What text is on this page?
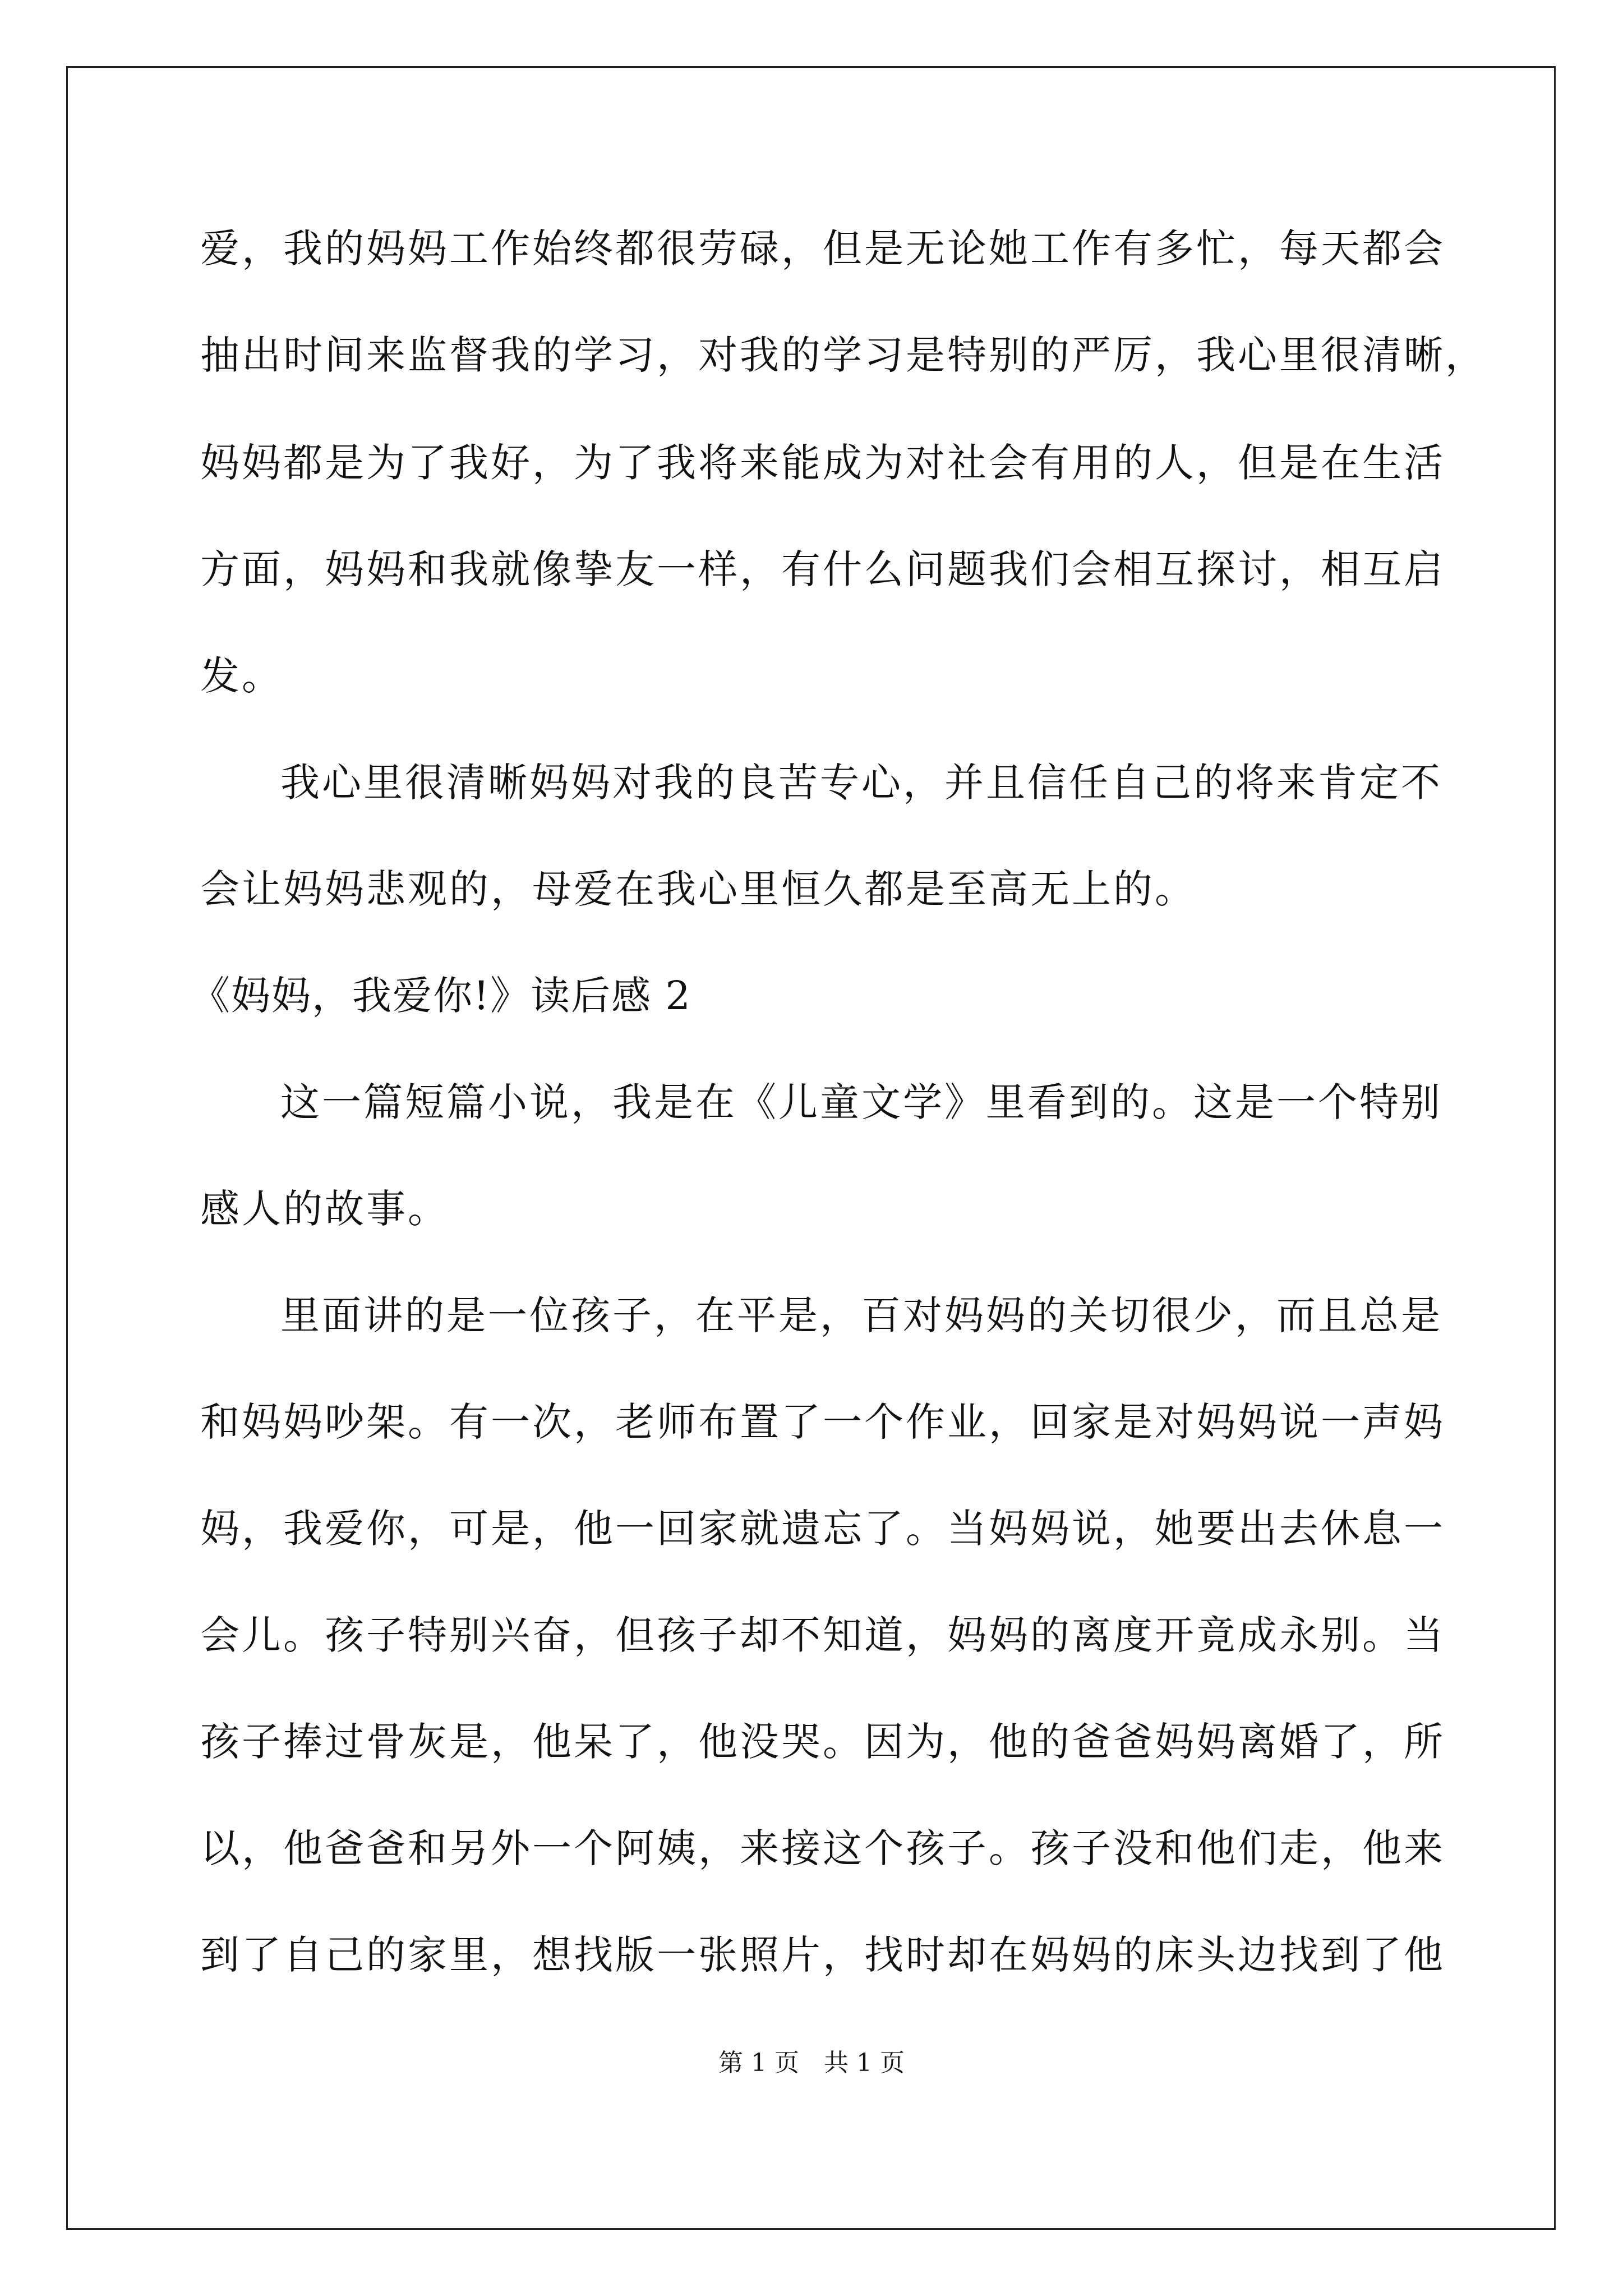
爱，我的妈妈工作始终都很劳碌，但是无论她工作有多忙，每天都会
抽出时间来监督我的学习，对我的学习是特别的严厉，我心里很清晰，
妈妈都是为了我好，为了我将来能成为对社会有用的人，但是在生活
方面，妈妈和我就像挚友一样，有什么问题我们会相互探讨，相互启
发。
我心里很清晰妈妈对我的良苦专心，并且信任自己的将来肯定不
会让妈妈悲观的，母爱在我心里恒久都是至高无上的。
《妈妈，我爱你!》读后感 2
这一篇短篇小说，我是在《儿童文学》里看到的。这是一个特别
感人的故事。
里面讲的是一位孩子，在平是，百对妈妈的关切很少，而且总是
和妈妈吵架。有一次，老师布置了一个作业，回家是对妈妈说一声妈
妈，我爱你，可是，他一回家就遗忘了。当妈妈说，她要出去休息一
会儿。孩子特别兴奋，但孩子却不知道，妈妈的离度开竟成永别。当
孩子捧过骨灰是，他呆了，他没哭。因为，他的爸爸妈妈离婚了，所
以，他爸爸和另外一个阿姨，来接这个孩子。孩子没和他们走，他来
到了自己的家里，想找版一张照片，找时却在妈妈的床头边找到了他
第 1 页　共 1 页
